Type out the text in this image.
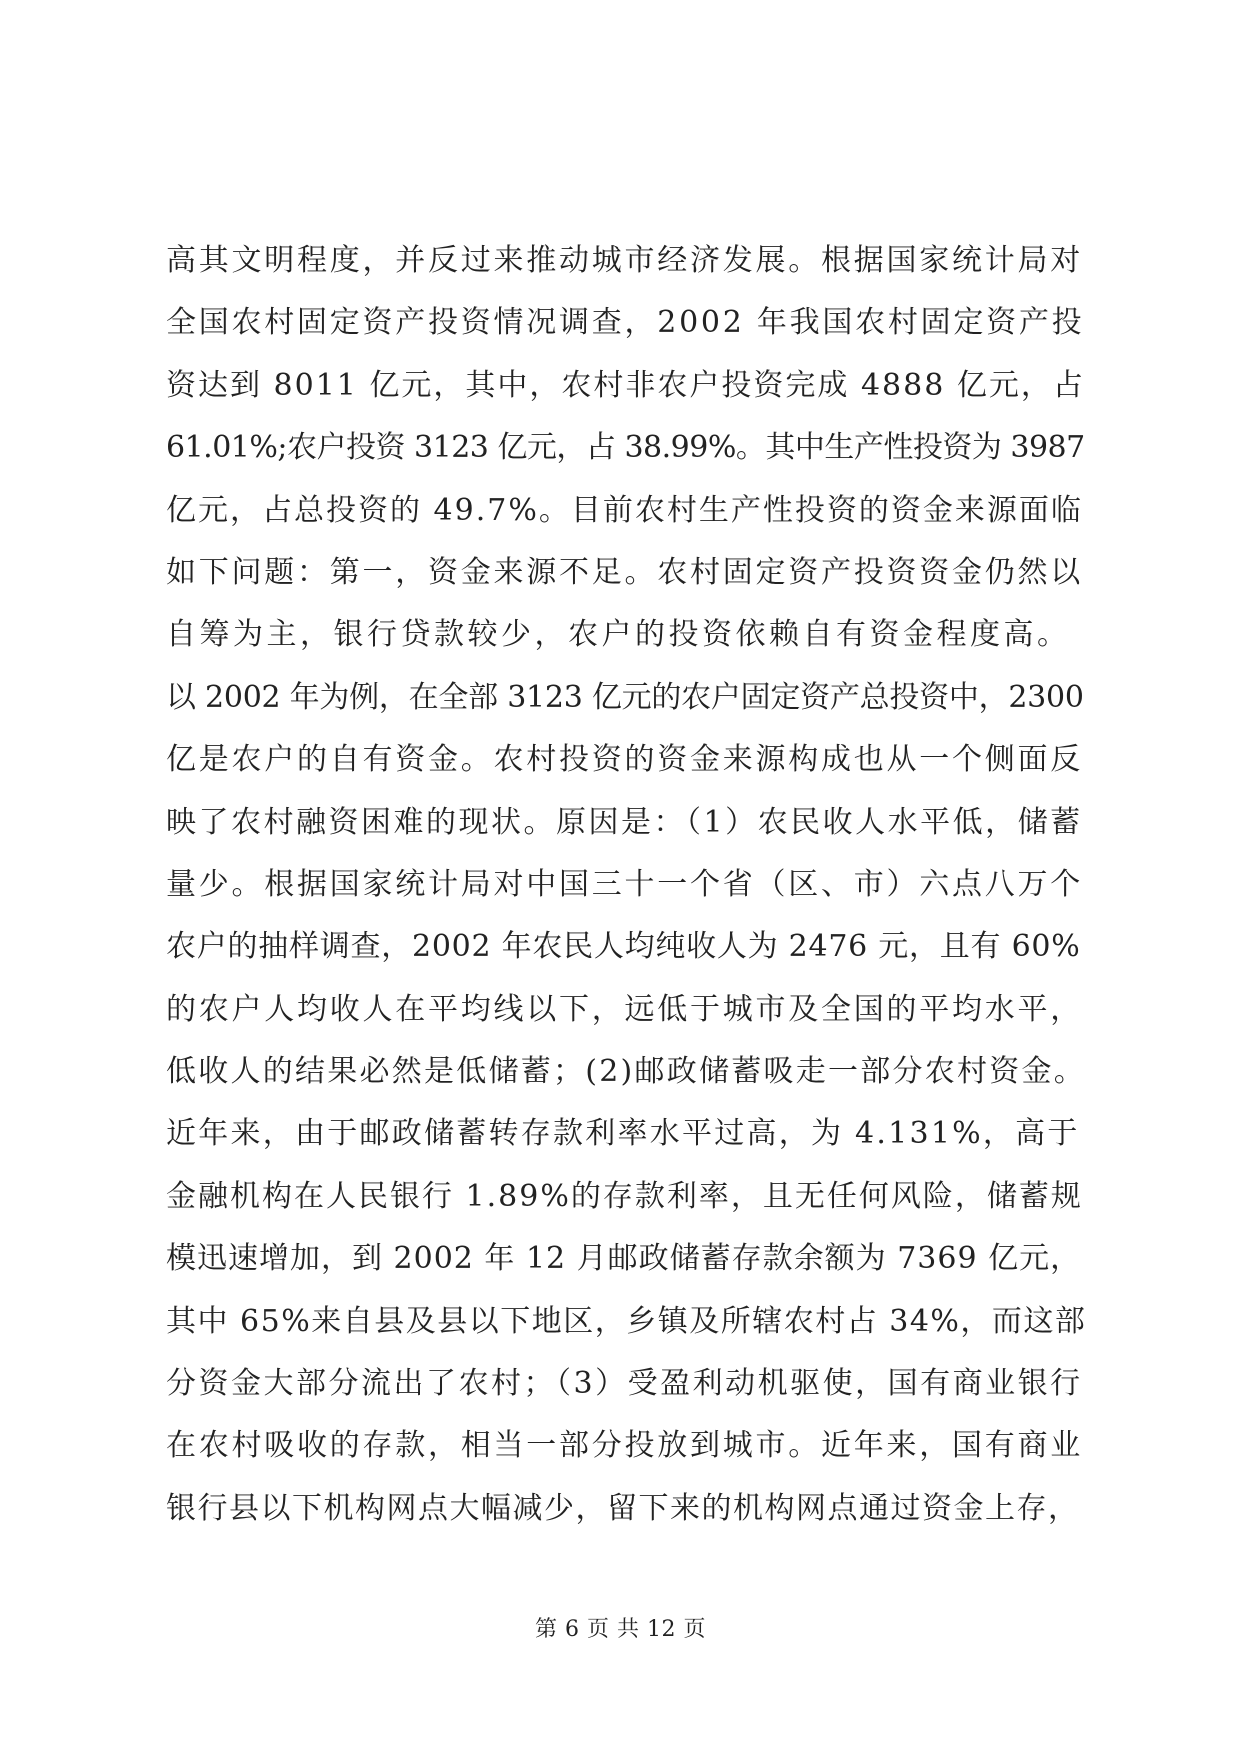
高其文明程度，并反过来推动城市经济发展。根据国家统计局对
全国农村固定资产投资情况调查，2002 年我国农村固定资产投
资达到 8011 亿元，其中，农村非农户投资完成 4888 亿元，占
61.01%;农户投资 3123 亿元，占 38.99%。其中生产性投资为 3987
亿元，占总投资的 49.7%。目前农村生产性投资的资金来源面临
如下问题：第一，资金来源不足。农村固定资产投资资金仍然以
自筹为主，银行贷款较少，农户的投资依赖自有资金程度高。
以 2002 年为例，在全部 3123 亿元的农户固定资产总投资中，2300
亿是农户的自有资金。农村投资的资金来源构成也从一个侧面反
映了农村融资困难的现状。原因是：（1）农民收人水平低，储蓄
量少。根据国家统计局对中国三十一个省（区、市）六点八万个
农户的抽样调查，2002 年农民人均纯收人为 2476 元，且有 60%
的农户人均收人在平均线以下，远低于城市及全国的平均水平，
低收人的结果必然是低储蓄；(2)邮政储蓄吸走一部分农村资金。
近年来，由于邮政储蓄转存款利率水平过高，为 4.131%，高于
金融机构在人民银行 1.89%的存款利率，且无任何风险，储蓄规
模迅速增加，到 2002 年 12 月邮政储蓄存款余额为 7369 亿元，
其中 65%来自县及县以下地区，乡镇及所辖农村占 34%，而这部
分资金大部分流出了农村；（3）受盈利动机驱使，国有商业银行
在农村吸收的存款，相当一部分投放到城市。近年来，国有商业
银行县以下机构网点大幅减少，留下来的机构网点通过资金上存，
第 6 页 共 12 页
